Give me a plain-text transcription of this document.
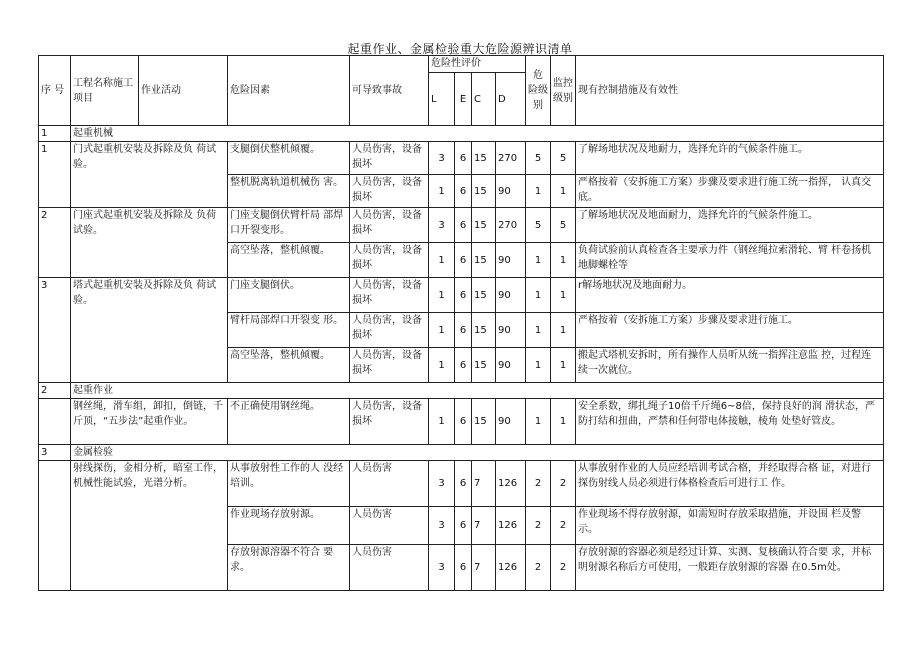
起重作业、金属检验重大危险源辨识清单
序 号	工程名称施工项目	作业活动	危险因素	可导致事故	危险性评价				危 险级 别	监控级别	现有控制措施及有效性
					L	E	C	D			
1	起重机械										
1	门式起重机安装及拆除及负 荷试验。		支腿倒伏整机倾覆。	人员伤害，设备损坏	3	6	15	270	5	5	了解场地状况及地耐力，选择允许的气候条件施工。
			整机脱离轨道机械伤 害。	人员伤害，设备损坏	1	6	15	90	1	1	严格按着（安拆施工方案）步骤及要求进行施工统一指挥， 认真交底。
2	门座式起重机安装及拆除及 负荷试验。		门座支腿倒伏臂杆局 部焊口开裂变形。	人员伤害，设备损坏	3	6	15	270	5	5	了解场地状况及地面耐力，选择允许的气候条件施工。
			高空坠落，整机倾覆。	人员伤害，设备损坏	1	6	15	90	1	1	负荷试验前认真检查各主要承力件（钢丝绳拉索滑轮、臂 杆卷扬机地脚螺栓等
3	塔式起重机安装及拆除及负 荷试验。		门座支腿倒伏。	人员伤害，设备损坏	1	6	15	90	1	1	r解场地状况及地面耐力。
			臂杆局部焊口开裂变 形。	人员伤害，设备损坏	1	6	15	90	1	1	严格按着（安拆施工方案）步骤及要求进行施工。
			高空坠落，整机倾覆。	人员伤害，设备损坏	1	6	15	90	1	1	搬起式塔机安拆时，所有操作人员听从统一指挥注意监 控，过程连续一次就位。
2	起重作业										
	钢丝绳，滑车组，卸扣，倒链，千斤顶，“五步法”起重作业。		不正确使用钢丝绳。	人员伤害，设备损坏	1	6	15	90	1	1	安全系数，绑扎绳子10倍千斤绳6~8倍，保持良好的润 滑状态，严防打结和扭曲，严禁和任何带电体接触，棱角 处垫好管皮。
3	金属检验										
	射线探伤，金相分析，暗室工作，机械性能试验，光谱分析。		从事放射性工作的人 没经培训。	人员伤害	3	6	7	126	2	2	从事放射作业的人员应经培训考试合格，并经取得合格 证，对进行探伤射线人员必须进行体格检查后可进行工 作。
			作业现场存放射源。	人员伤害	3	6	7	126	2	2	作业现场不得存放射源，如需短时存放采取措施，并设围 栏及警示。
			存放射源溶器不符合 要求。	人员伤害	3	6	7	126	2	2	存放射源的容器必须是经过计算、实测、复核确认符合要 求，并标明射源名称后方可使用，一般距存放射源的容器 在0.5m处。
